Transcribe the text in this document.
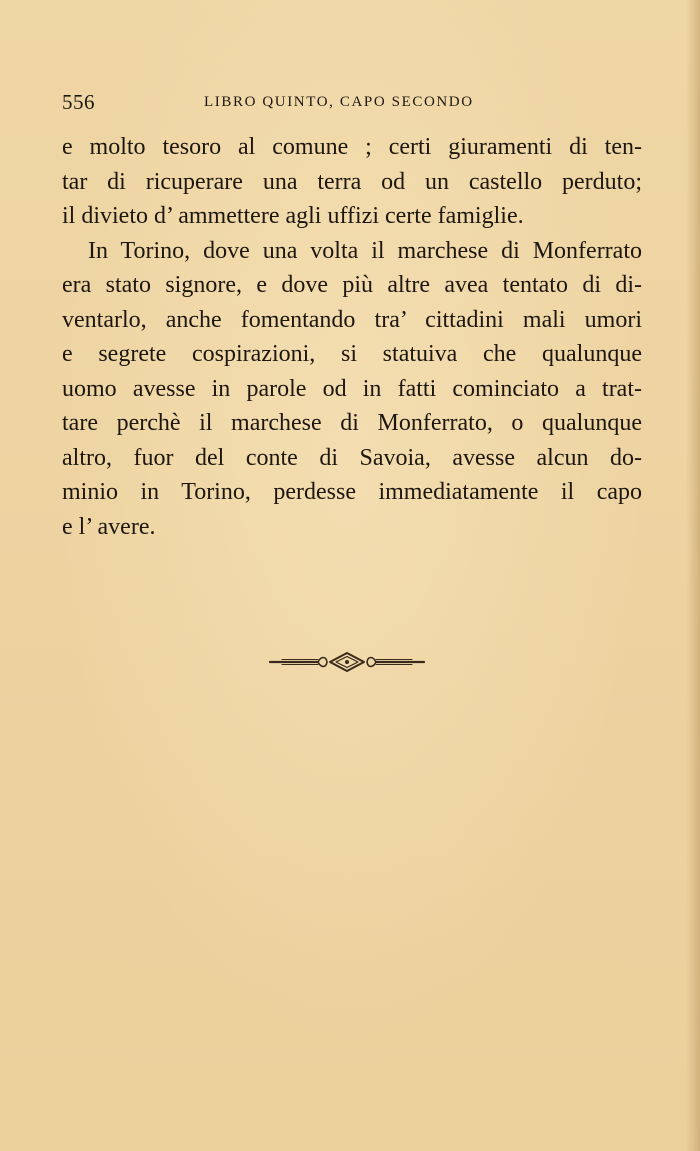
556	LIBRO QUINTO, CAPO SECONDO

e molto tesoro al comune ; certi giuramenti di ten-
tar di ricuperare una terra od un castello perduto;
il divieto d’ ammettere agli uffizi certe famiglie.

In Torino, dove una volta il marchese di Monferrato
era stato signore, e dove più altre avea tentato di di-
ventarlo, anche fomentando tra’ cittadini mali umori
e segrete cospirazioni, si statuiva che qualunque
uomo avesse in parole od in fatti cominciato a trat-
tare perchè il marchese di Monferrato, o qualunque
altro, fuor del conte di Savoia, avesse alcun do-
minio in Torino, perdesse immediatamente il capo
e l’ avere.
